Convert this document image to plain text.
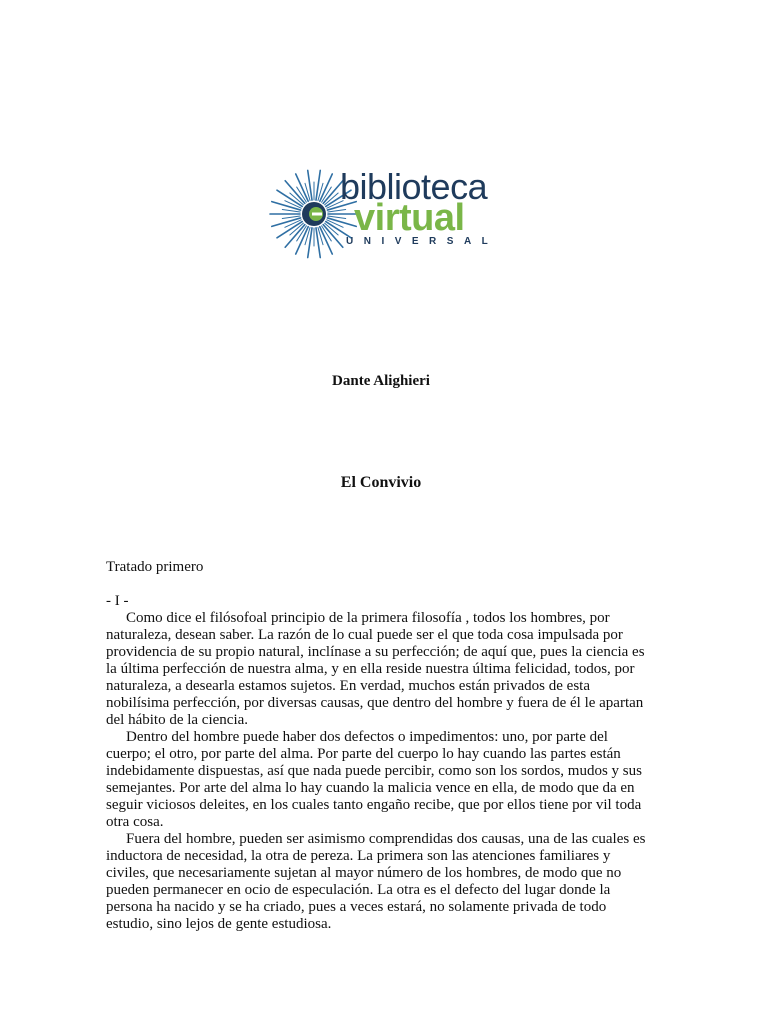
biblioteca
virtual
UNIVERSAL
Dante Alighieri
El Convivio

Tratado primero

- I -

Como dice el filósofoal principio de la primera filosofía , todos los hombres, por naturaleza, desean saber. La razón de lo cual puede ser el que toda cosa impulsada por providencia de su propio natural, inclínase a su perfección; de aquí que, pues la ciencia es la última perfección de nuestra alma, y en ella reside nuestra última felicidad, todos, por naturaleza, a desearla estamos sujetos. En verdad, muchos están privados de esta nobilísima perfección, por diversas causas, que dentro del hombre y fuera de él le apartan del hábito de la ciencia.

Dentro del hombre puede haber dos defectos o impedimentos: uno, por parte del cuerpo; el otro, por parte del alma. Por parte del cuerpo lo hay cuando las partes están indebidamente dispuestas, así que nada puede percibir, como son los sordos, mudos y sus semejantes. Por arte del alma lo hay cuando la malicia vence en ella, de modo que da en seguir viciosos deleites, en los cuales tanto engaño recibe, que por ellos tiene por vil toda otra cosa.

Fuera del hombre, pueden ser asimismo comprendidas dos causas, una de las cuales es inductora de necesidad, la otra de pereza. La primera son las atenciones familiares y civiles, que necesariamente sujetan al mayor número de los hombres, de modo que no pueden permanecer en ocio de especulación. La otra es el defecto del lugar donde la persona ha nacido y se ha criado, pues a veces estará, no solamente privada de todo estudio, sino lejos de gente estudiosa.
